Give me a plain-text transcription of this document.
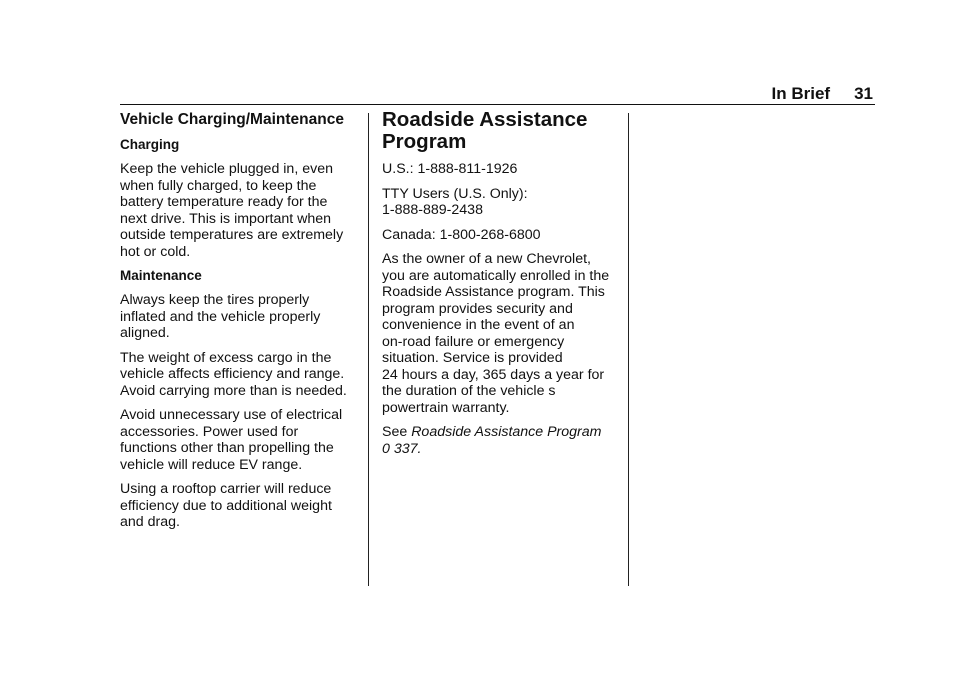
In Brief 31
Vehicle Charging/Maintenance
Charging

Keep the vehicle plugged in, even
when fully charged, to keep the
battery temperature ready for the
next drive. This is important when
outside temperatures are extremely
hot or cold.

Maintenance

Always keep the tires properly
inflated and the vehicle properly
aligned.

The weight of excess cargo in the
vehicle affects efficiency and range.
Avoid carrying more than is needed.

Avoid unnecessary use of electrical
accessories. Power used for
functions other than propelling the
vehicle will reduce EV range.

Using a rooftop carrier will reduce
efficiency due to additional weight
and drag.

Roadside Assistance
Program

U.S.: 1-888-811-1926

TTY Users (U.S. Only):
1-888-889-2438

Canada: 1-800-268-6800

As the owner of a new Chevrolet,
you are automatically enrolled in the
Roadside Assistance program. This
program provides security and
convenience in the event of an
on-road failure or emergency
situation. Service is provided
24 hours a day, 365 days a year for
the duration of the vehicle s
powertrain warranty.

See Roadside Assistance Program
0 337.
